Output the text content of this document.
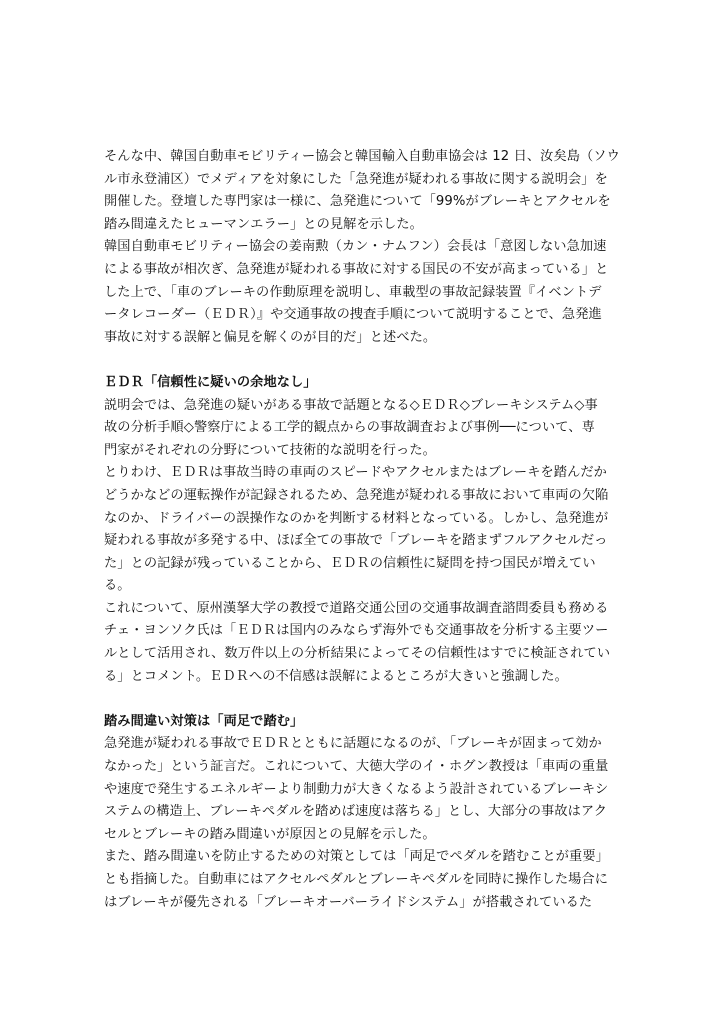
そんな中、韓国自動車モビリティー協会と韓国輸入自動車協会は 12 日、汝矣島（ソウ
ル市永登浦区）でメディアを対象にした「急発進が疑われる事故に関する説明会」を
開催した。登壇した専門家は一様に、急発進について「99%がブレーキとアクセルを
踏み間違えたヒューマンエラー」との見解を示した。
韓国自動車モビリティー協会の姜南勲（カン・ナムフン）会長は「意図しない急加速
による事故が相次ぎ、急発進が疑われる事故に対する国民の不安が高まっている」と
した上で、「車のブレーキの作動原理を説明し、車載型の事故記録装置『イベントデ
ータレコーダー（ＥＤＲ）』や交通事故の捜査手順について説明することで、急発進
事故に対する誤解と偏見を解くのが目的だ」と述べた。
ＥＤＲ「信頼性に疑いの余地なし」
説明会では、急発進の疑いがある事故で話題となる◇ＥＤＲ◇ブレーキシステム◇事
故の分析手順◇警察庁による工学的観点からの事故調査および事例──について、専
門家がそれぞれの分野について技術的な説明を行った。
とりわけ、ＥＤＲは事故当時の車両のスピードやアクセルまたはブレーキを踏んだか
どうかなどの運転操作が記録されるため、急発進が疑われる事故において車両の欠陥
なのか、ドライバーの誤操作なのかを判断する材料となっている。しかし、急発進が
疑われる事故が多発する中、ほぼ全ての事故で「ブレーキを踏まずフルアクセルだっ
た」との記録が残っていることから、ＥＤＲの信頼性に疑問を持つ国民が増えてい
る。
これについて、原州漢拏大学の教授で道路交通公団の交通事故調査諮問委員も務める
チェ・ヨンソク氏は「ＥＤＲは国内のみならず海外でも交通事故を分析する主要ツー
ルとして活用され、数万件以上の分析結果によってその信頼性はすでに検証されてい
る」とコメント。ＥＤＲへの不信感は誤解によるところが大きいと強調した。
踏み間違い対策は「両足で踏む」
急発進が疑われる事故でＥＤＲとともに話題になるのが、「ブレーキが固まって効か
なかった」という証言だ。これについて、大徳大学のイ・ホグン教授は「車両の重量
や速度で発生するエネルギーより制動力が大きくなるよう設計されているブレーキシ
ステムの構造上、ブレーキペダルを踏めば速度は落ちる」とし、大部分の事故はアク
セルとブレーキの踏み間違いが原因との見解を示した。
また、踏み間違いを防止するための対策としては「両足でペダルを踏むことが重要」
とも指摘した。自動車にはアクセルペダルとブレーキペダルを同時に操作した場合に
はブレーキが優先される「ブレーキオーバーライドシステム」が搭載されているた
